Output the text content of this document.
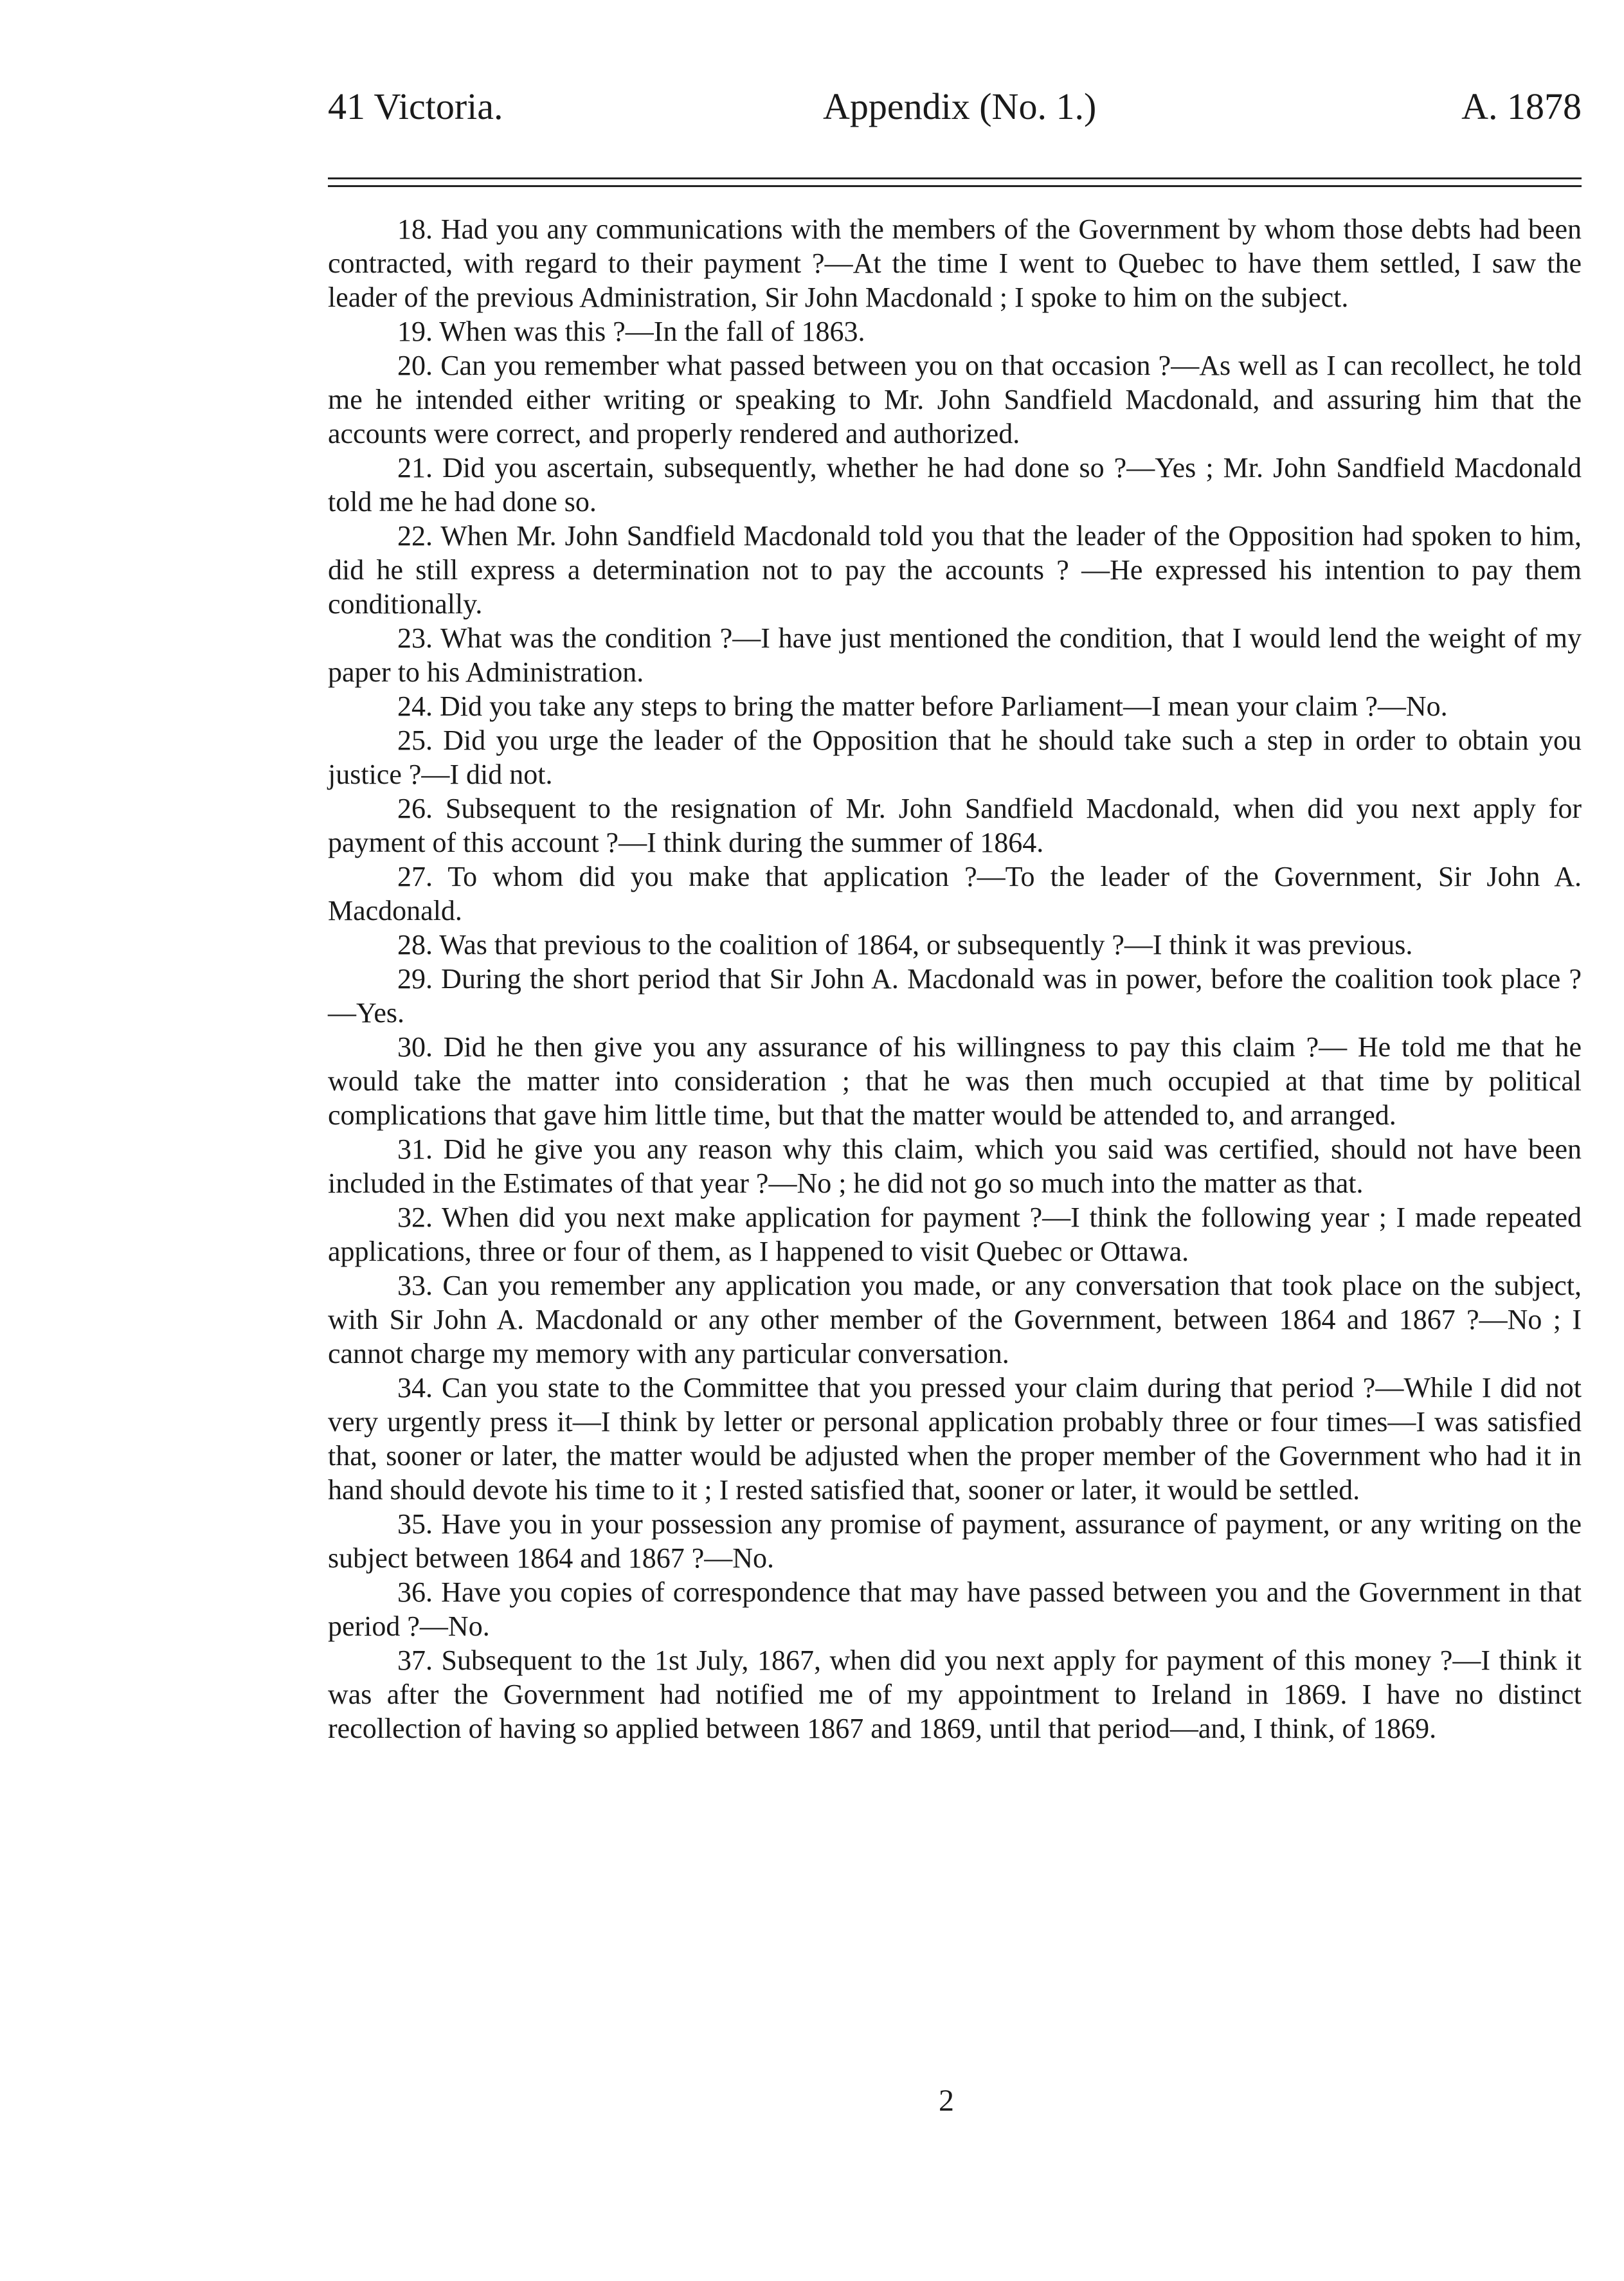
41 Victoria.	Appendix (No. 1.)	A. 1878

18. Had you any communications with the members of the Government by whom those debts had been contracted, with regard to their payment ?—At the time I went to Quebec to have them settled, I saw the leader of the previous Administration, Sir John Macdonald ; I spoke to him on the subject.

19. When was this ?—In the fall of 1863.

20. Can you remember what passed between you on that occasion ?—As well as I can recollect, he told me he intended either writing or speaking to Mr. John Sandfield Macdonald, and assuring him that the accounts were correct, and properly rendered and authorized.

21. Did you ascertain, subsequently, whether he had done so ?—Yes ; Mr. John Sandfield Macdonald told me he had done so.

22. When Mr. John Sandfield Macdonald told you that the leader of the Opposition had spoken to him, did he still express a determination not to pay the accounts ? —He expressed his intention to pay them conditionally.

23. What was the condition ?—I have just mentioned the condition, that I would lend the weight of my paper to his Administration.

24. Did you take any steps to bring the matter before Parliament—I mean your claim ?—No.

25. Did you urge the leader of the Opposition that he should take such a step in order to obtain you justice ?—I did not.

26. Subsequent to the resignation of Mr. John Sandfield Macdonald, when did you next apply for payment of this account ?—I think during the summer of 1864.

27. To whom did you make that application ?—To the leader of the Government, Sir John A. Macdonald.

28. Was that previous to the coalition of 1864, or subsequently ?—I think it was previous.

29. During the short period that Sir John A. Macdonald was in power, before the coalition took place ?—Yes.

30. Did he then give you any assurance of his willingness to pay this claim ?— He told me that he would take the matter into consideration ; that he was then much occupied at that time by political complications that gave him little time, but that the matter would be attended to, and arranged.

31. Did he give you any reason why this claim, which you said was certified, should not have been included in the Estimates of that year ?—No ; he did not go so much into the matter as that.

32. When did you next make application for payment ?—I think the following year ; I made repeated applications, three or four of them, as I happened to visit Quebec or Ottawa.

33. Can you remember any application you made, or any conversation that took place on the subject, with Sir John A. Macdonald or any other member of the Government, between 1864 and 1867 ?—No ; I cannot charge my memory with any particular conversation.

34. Can you state to the Committee that you pressed your claim during that period ?—While I did not very urgently press it—I think by letter or personal application probably three or four times—I was satisfied that, sooner or later, the matter would be adjusted when the proper member of the Government who had it in hand should devote his time to it ; I rested satisfied that, sooner or later, it would be settled.

35. Have you in your possession any promise of payment, assurance of payment, or any writing on the subject between 1864 and 1867 ?—No.

36. Have you copies of correspondence that may have passed between you and the Government in that period ?—No.

37. Subsequent to the 1st July, 1867, when did you next apply for payment of this money ?—I think it was after the Government had notified me of my appointment to Ireland in 1869. I have no distinct recollection of having so applied between 1867 and 1869, until that period—and, I think, of 1869.

2
